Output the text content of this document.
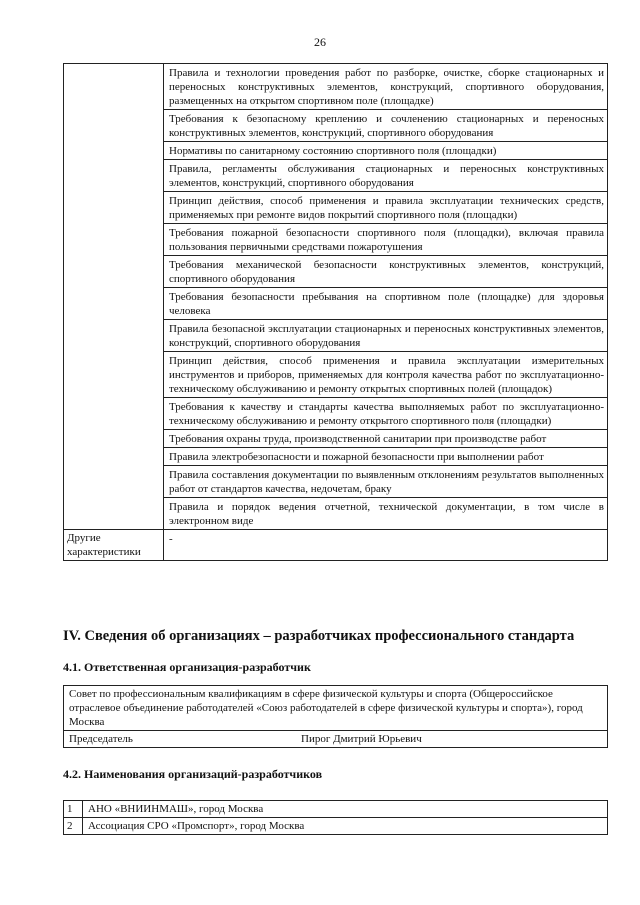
26
	Правила и технологии проведения работ по разборке, очистке, сборке стационарных и переносных конструктивных элементов, конструкций, спортивного оборудования, размещенных на открытом спортивном поле (площадке)
	Требования к безопасному креплению и сочленению стационарных и переносных конструктивных элементов, конструкций, спортивного оборудования
	Нормативы по санитарному состоянию спортивного поля (площадки)
	Правила, регламенты обслуживания стационарных и переносных конструктивных элементов, конструкций, спортивного оборудования
	Принцип действия, способ применения и правила эксплуатации технических средств, применяемых при ремонте видов покрытий спортивного поля (площадки)
	Требования пожарной безопасности спортивного поля (площадки), включая правила пользования первичными средствами пожаротушения
	Требования механической безопасности конструктивных элементов, конструкций, спортивного оборудования
	Требования безопасности пребывания на спортивном поле (площадке) для здоровья человека
	Правила безопасной эксплуатации стационарных и переносных конструктивных элементов, конструкций, спортивного оборудования
	Принцип действия, способ применения и правила эксплуатации измерительных инструментов и приборов, применяемых для контроля качества работ по эксплуатационно-техническому обслуживанию и ремонту открытых спортивных полей (площадок)
	Требования к качеству и стандарты качества выполняемых работ по эксплуатационно-техническому обслуживанию и ремонту открытого спортивного поля (площадки)
	Требования охраны труда, производственной санитарии при производстве работ
	Правила электробезопасности и пожарной безопасности при выполнении работ
	Правила составления документации по выявленным отклонениям результатов выполненных работ от стандартов качества, недочетам, браку
	Правила и порядок ведения отчетной, технической документации, в том числе в электронном виде
Другие характеристики	-
IV. Сведения об организациях – разработчиках профессионального стандарта
4.1. Ответственная организация-разработчик
Совет по профессиональным квалификациям в сфере физической культуры и спорта (Общероссийское отраслевое объединение работодателей «Союз работодателей в сфере физической культуры и спорта»), город Москва

Председатель	Пирог Дмитрий Юрьевич
4.2. Наименования организаций-разработчиков
1	АНО «ВНИИНМАШ», город Москва
2	Ассоциация СРО «Промспорт», город Москва
